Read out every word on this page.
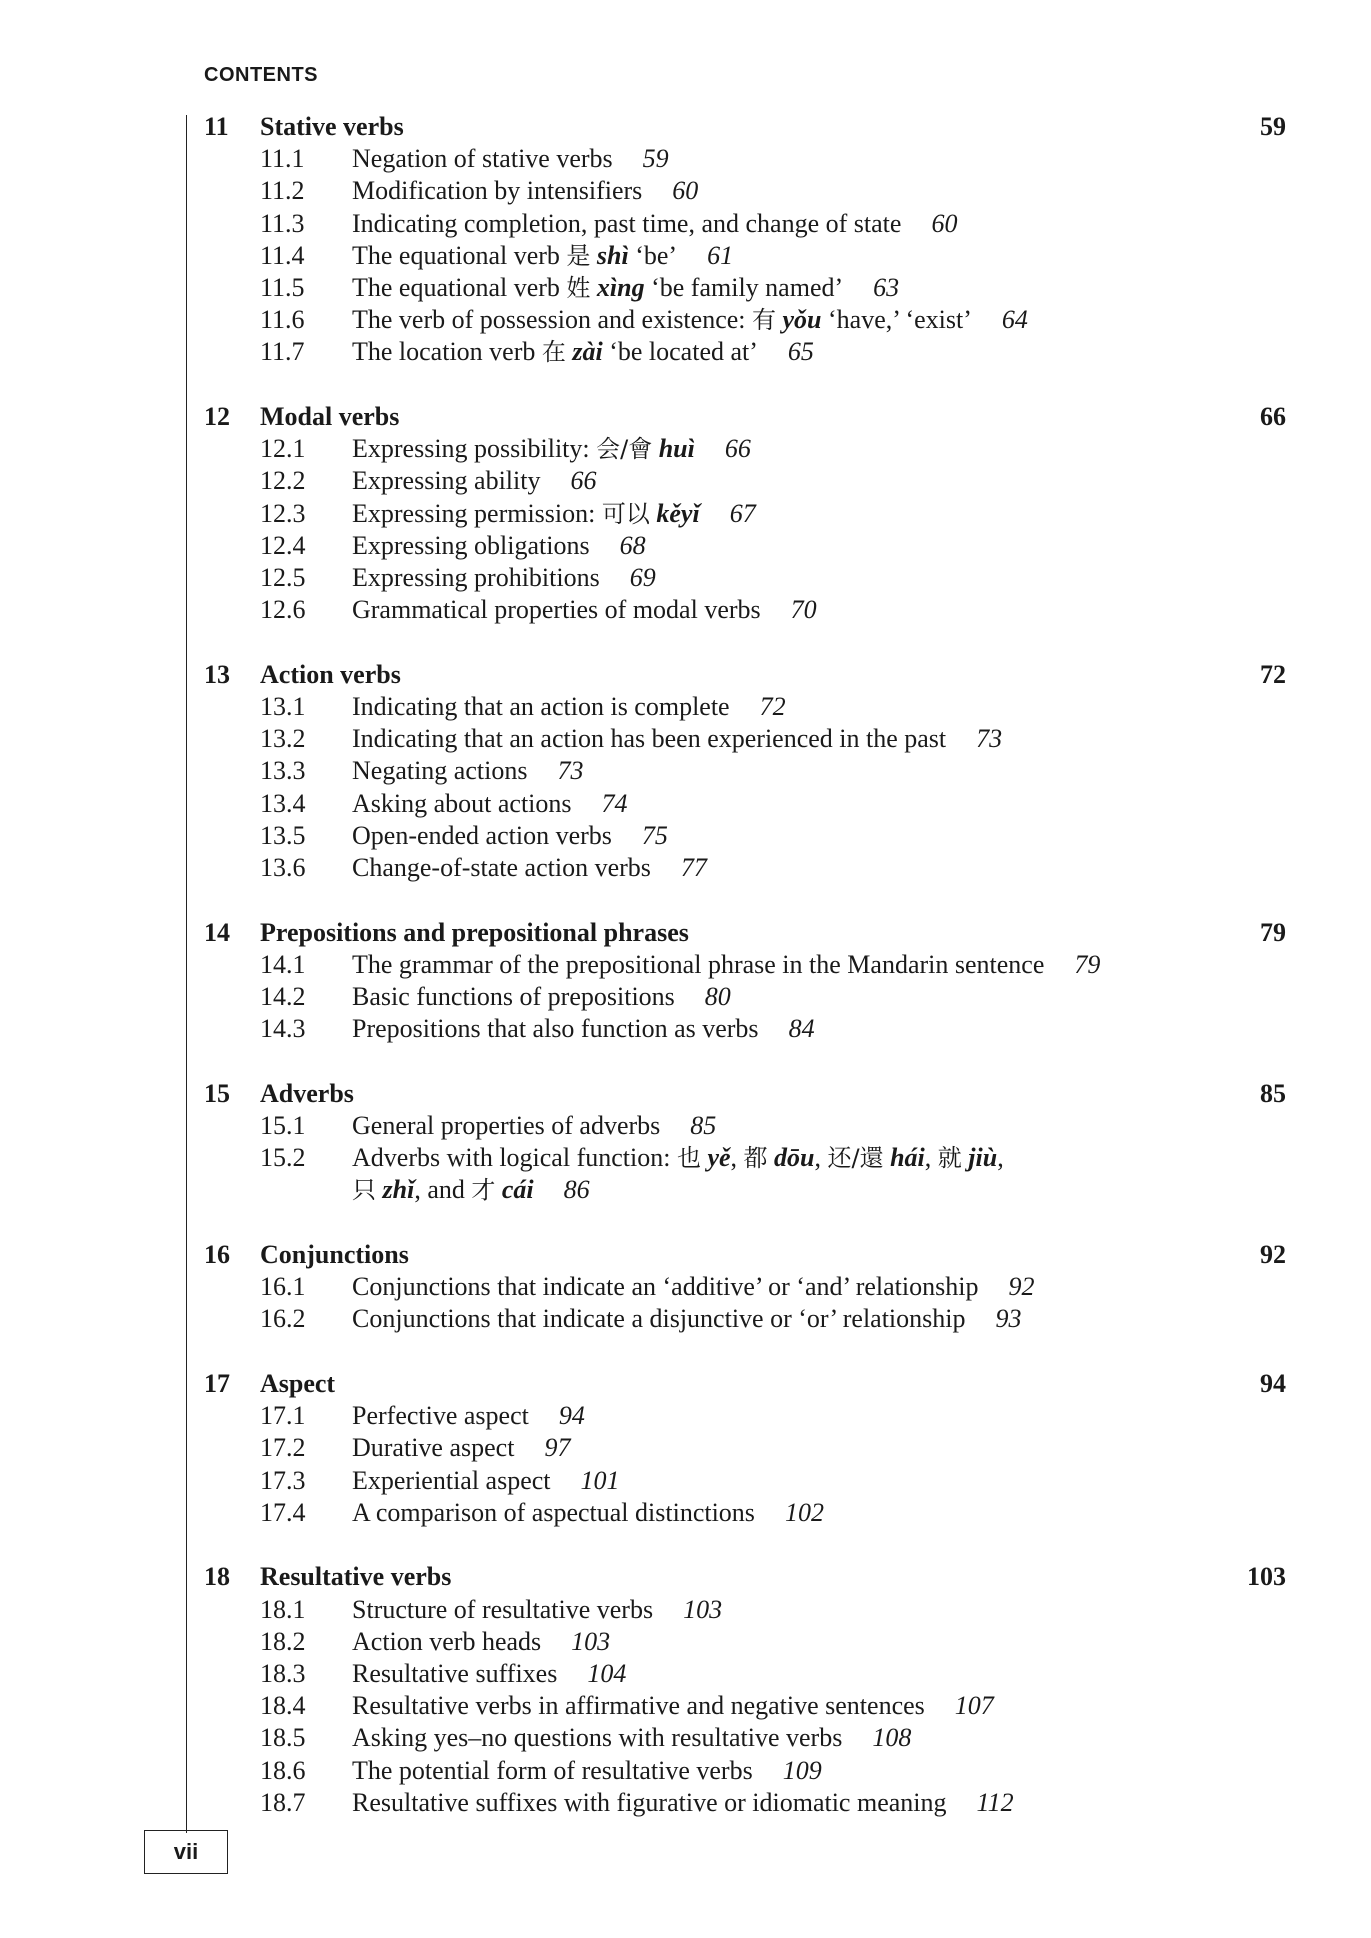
CONTENTS
11 Stative verbs	59
11.1 Negation of stative verbs 59
11.2 Modification by intensifiers 60
11.3 Indicating completion, past time, and change of state 60
11.4 The equational verb 是 shì ‘be’ 61
11.5 The equational verb 姓 xìng ‘be family named’ 63
11.6 The verb of possession and existence: 有 yǒu ‘have,’ ‘exist’ 64
11.7 The location verb 在 zài ‘be located at’ 65
12 Modal verbs	66
12.1 Expressing possibility: 会/會 huì 66
12.2 Expressing ability 66
12.3 Expressing permission: 可以 kěyǐ 67
12.4 Expressing obligations 68
12.5 Expressing prohibitions 69
12.6 Grammatical properties of modal verbs 70
13 Action verbs	72
13.1 Indicating that an action is complete 72
13.2 Indicating that an action has been experienced in the past 73
13.3 Negating actions 73
13.4 Asking about actions 74
13.5 Open-ended action verbs 75
13.6 Change-of-state action verbs 77
14 Prepositions and prepositional phrases	79
14.1 The grammar of the prepositional phrase in the Mandarin sentence 79
14.2 Basic functions of prepositions 80
14.3 Prepositions that also function as verbs 84
15 Adverbs	85
15.1 General properties of adverbs 85
15.2 Adverbs with logical function: 也 yě, 都 dōu, 还/還 hái, 就 jiù,
只 zhǐ, and 才 cái 86
16 Conjunctions	92
16.1 Conjunctions that indicate an ‘additive’ or ‘and’ relationship 92
16.2 Conjunctions that indicate a disjunctive or ‘or’ relationship 93
17 Aspect	94
17.1 Perfective aspect 94
17.2 Durative aspect 97
17.3 Experiential aspect 101
17.4 A comparison of aspectual distinctions 102
18 Resultative verbs	103
18.1 Structure of resultative verbs 103
18.2 Action verb heads 103
18.3 Resultative suffixes 104
18.4 Resultative verbs in affirmative and negative sentences 107
18.5 Asking yes–no questions with resultative verbs 108
18.6 The potential form of resultative verbs 109
18.7 Resultative suffixes with figurative or idiomatic meaning 112
vii
